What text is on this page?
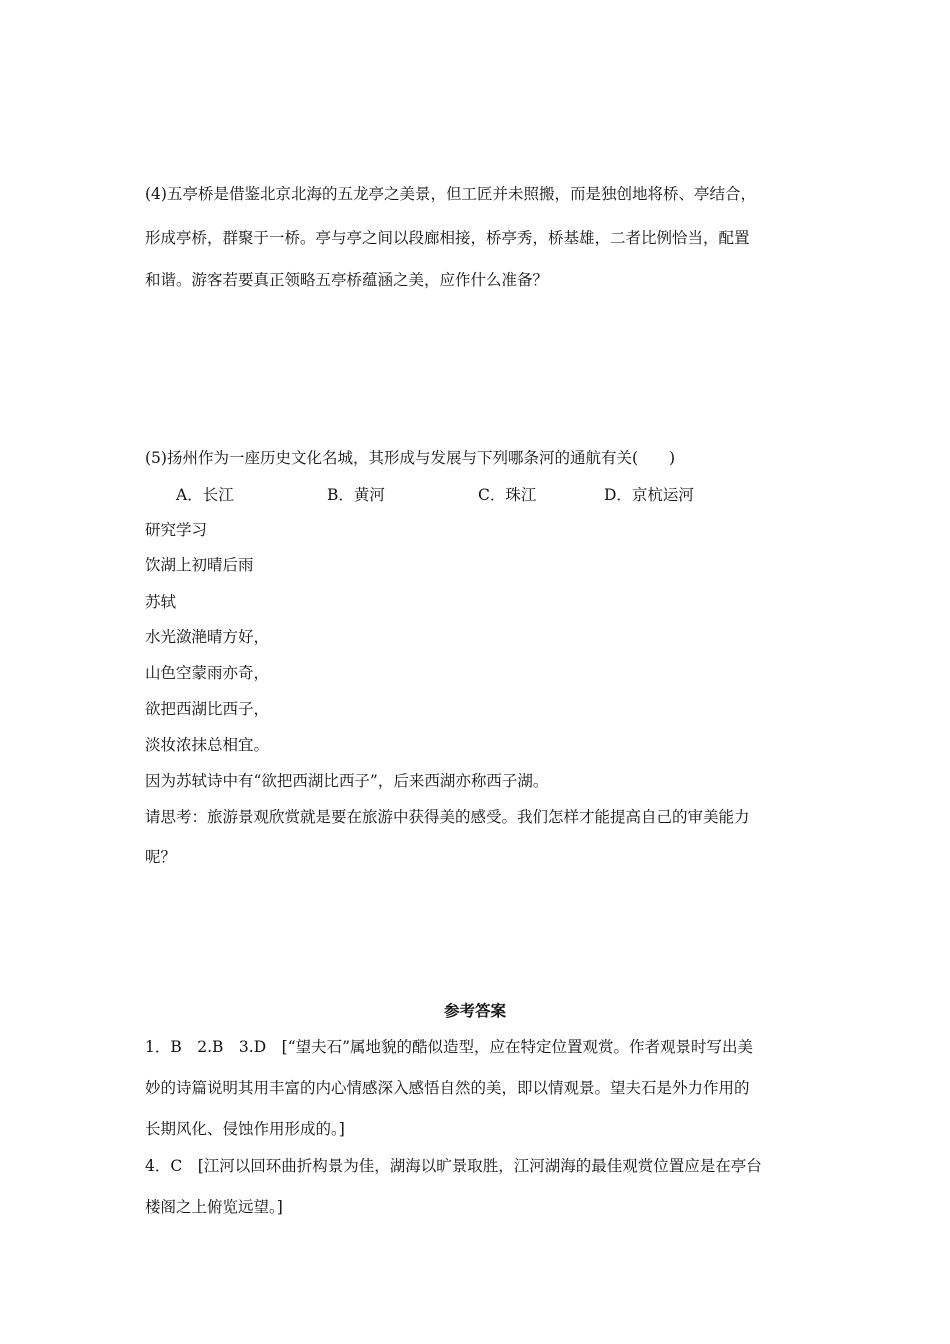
(4)五亭桥是借鉴北京北海的五龙亭之美景，但工匠并未照搬，而是独创地将桥、亭结合，
形成亭桥，群聚于一桥。亭与亭之间以段廊相接，桥亭秀，桥基雄，二者比例恰当，配置
和谐。游客若要真正领略五亭桥蕴涵之美，应作什么准备？
(5)扬州作为一座历史文化名城，其形成与发展与下列哪条河的通航有关(　　)
A．长江	B．黄河	C．珠江	D．京杭运河
研究学习
饮湖上初晴后雨
苏轼
水光潋滟晴方好，
山色空蒙雨亦奇，
欲把西湖比西子，
淡妆浓抹总相宜。
因为苏轼诗中有“欲把西湖比西子”，后来西湖亦称西子湖。
请思考：旅游景观欣赏就是要在旅游中获得美的感受。我们怎样才能提高自己的审美能力
呢？
参考答案
1．B　2.B　3.D　[“望夫石”属地貌的酷似造型，应在特定位置观赏。作者观景时写出美
妙的诗篇说明其用丰富的内心情感深入感悟自然的美，即以情观景。望夫石是外力作用的
长期风化、侵蚀作用形成的。]
4．C　[江河以回环曲折构景为佳，湖海以旷景取胜，江河湖海的最佳观赏位置应是在亭台
楼阁之上俯览远望。]
